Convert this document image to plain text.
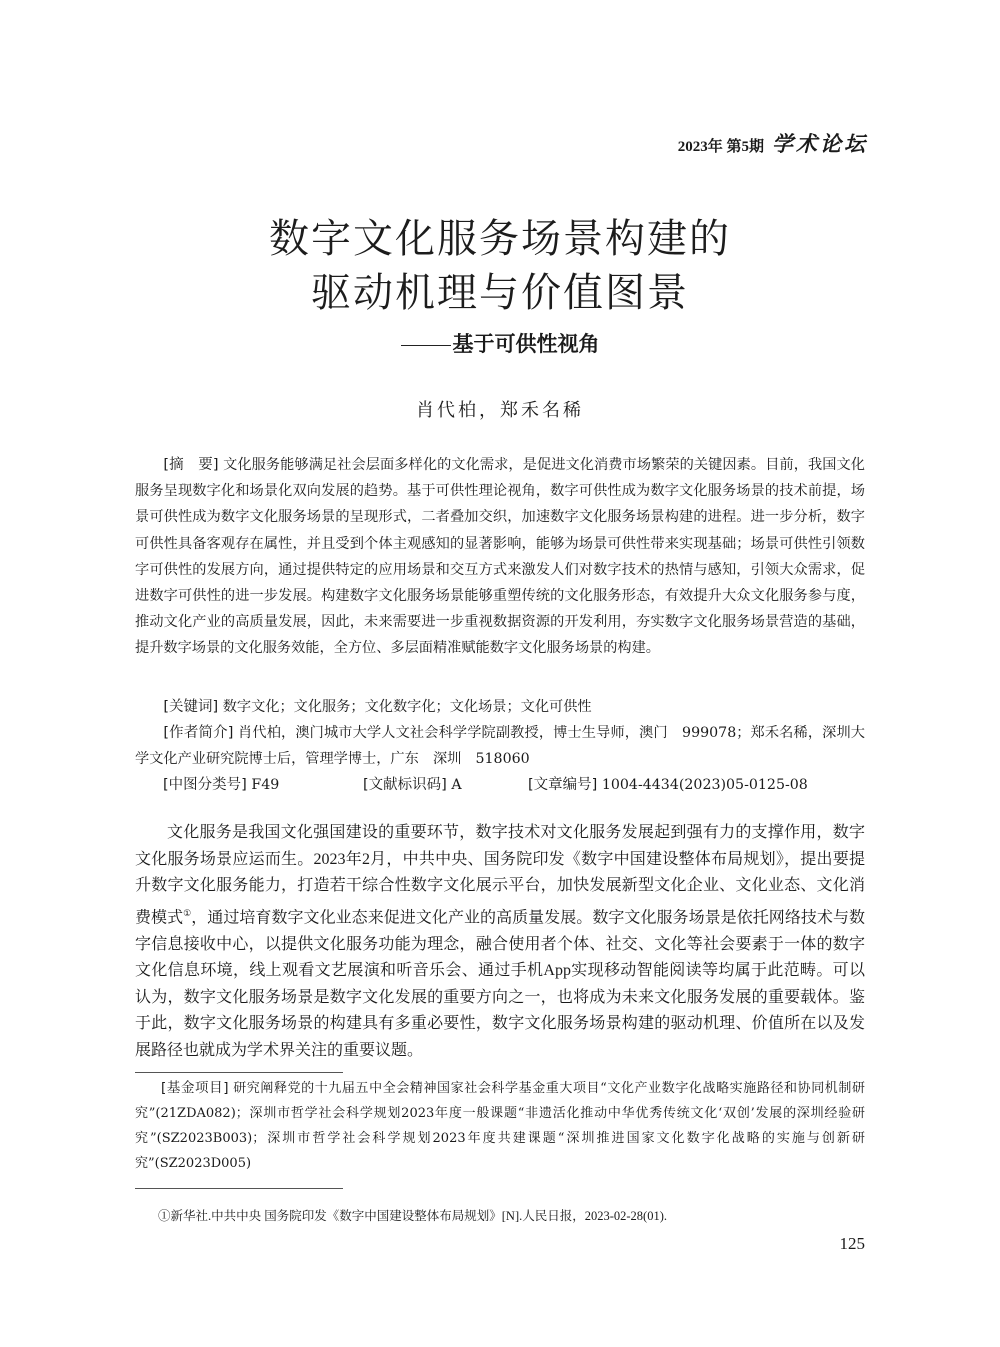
2023年 第5期 学术论坛
数字文化服务场景构建的
驱动机理与价值图景
基于可供性视角
肖代柏，郑禾名稀
[摘　要] 文化服务能够满足社会层面多样化的文化需求，是促进文化消费市场繁荣的关键因素。目前，我国文化服务呈现数字化和场景化双向发展的趋势。基于可供性理论视角，数字可供性成为数字文化服务场景的技术前提，场景可供性成为数字文化服务场景的呈现形式，二者叠加交织，加速数字文化服务场景构建的进程。进一步分析，数字可供性具备客观存在属性，并且受到个体主观感知的显著影响，能够为场景可供性带来实现基础；场景可供性引领数字可供性的发展方向，通过提供特定的应用场景和交互方式来激发人们对数字技术的热情与感知，引领大众需求，促进数字可供性的进一步发展。构建数字文化服务场景能够重塑传统的文化服务形态，有效提升大众文化服务参与度，推动文化产业的高质量发展，因此，未来需要进一步重视数据资源的开发利用，夯实数字文化服务场景营造的基础，提升数字场景的文化服务效能，全方位、多层面精准赋能数字文化服务场景的构建。
[关键词] 数字文化；文化服务；文化数字化；文化场景；文化可供性
[作者简介] 肖代柏，澳门城市大学人文社会科学学院副教授，博士生导师，澳门　999078；郑禾名稀，深圳大学文化产业研究院博士后，管理学博士，广东　深圳　518060
[中图分类号] F49	[文献标识码] A	[文章编号] 1004-4434(2023)05-0125-08
文化服务是我国文化强国建设的重要环节，数字技术对文化服务发展起到强有力的支撑作用，数字文化服务场景应运而生。2023年2月，中共中央、国务院印发《数字中国建设整体布局规划》，提出要提升数字文化服务能力，打造若干综合性数字文化展示平台，加快发展新型文化企业、文化业态、文化消费模式①，通过培育数字文化业态来促进文化产业的高质量发展。数字文化服务场景是依托网络技术与数字信息接收中心，以提供文化服务功能为理念，融合使用者个体、社交、文化等社会要素于一体的数字文化信息环境，线上观看文艺展演和听音乐会、通过手机App实现移动智能阅读等均属于此范畴。可以认为，数字文化服务场景是数字文化发展的重要方向之一，也将成为未来文化服务发展的重要载体。鉴于此，数字文化服务场景的构建具有多重必要性，数字文化服务场景构建的驱动机理、价值所在以及发展路径也就成为学术界关注的重要议题。
[基金项目] 研究阐释党的十九届五中全会精神国家社会科学基金重大项目“文化产业数字化战略实施路径和协同机制研究”(21ZDA082)；深圳市哲学社会科学规划2023年度一般课题“非遗活化推动中华优秀传统文化‘双创’发展的深圳经验研究”(SZ2023B003)；深圳市哲学社会科学规划2023年度共建课题“深圳推进国家文化数字化战略的实施与创新研究”(SZ2023D005)
①新华社.中共中央 国务院印发《数字中国建设整体布局规划》[N].人民日报，2023-02-28(01).
125
